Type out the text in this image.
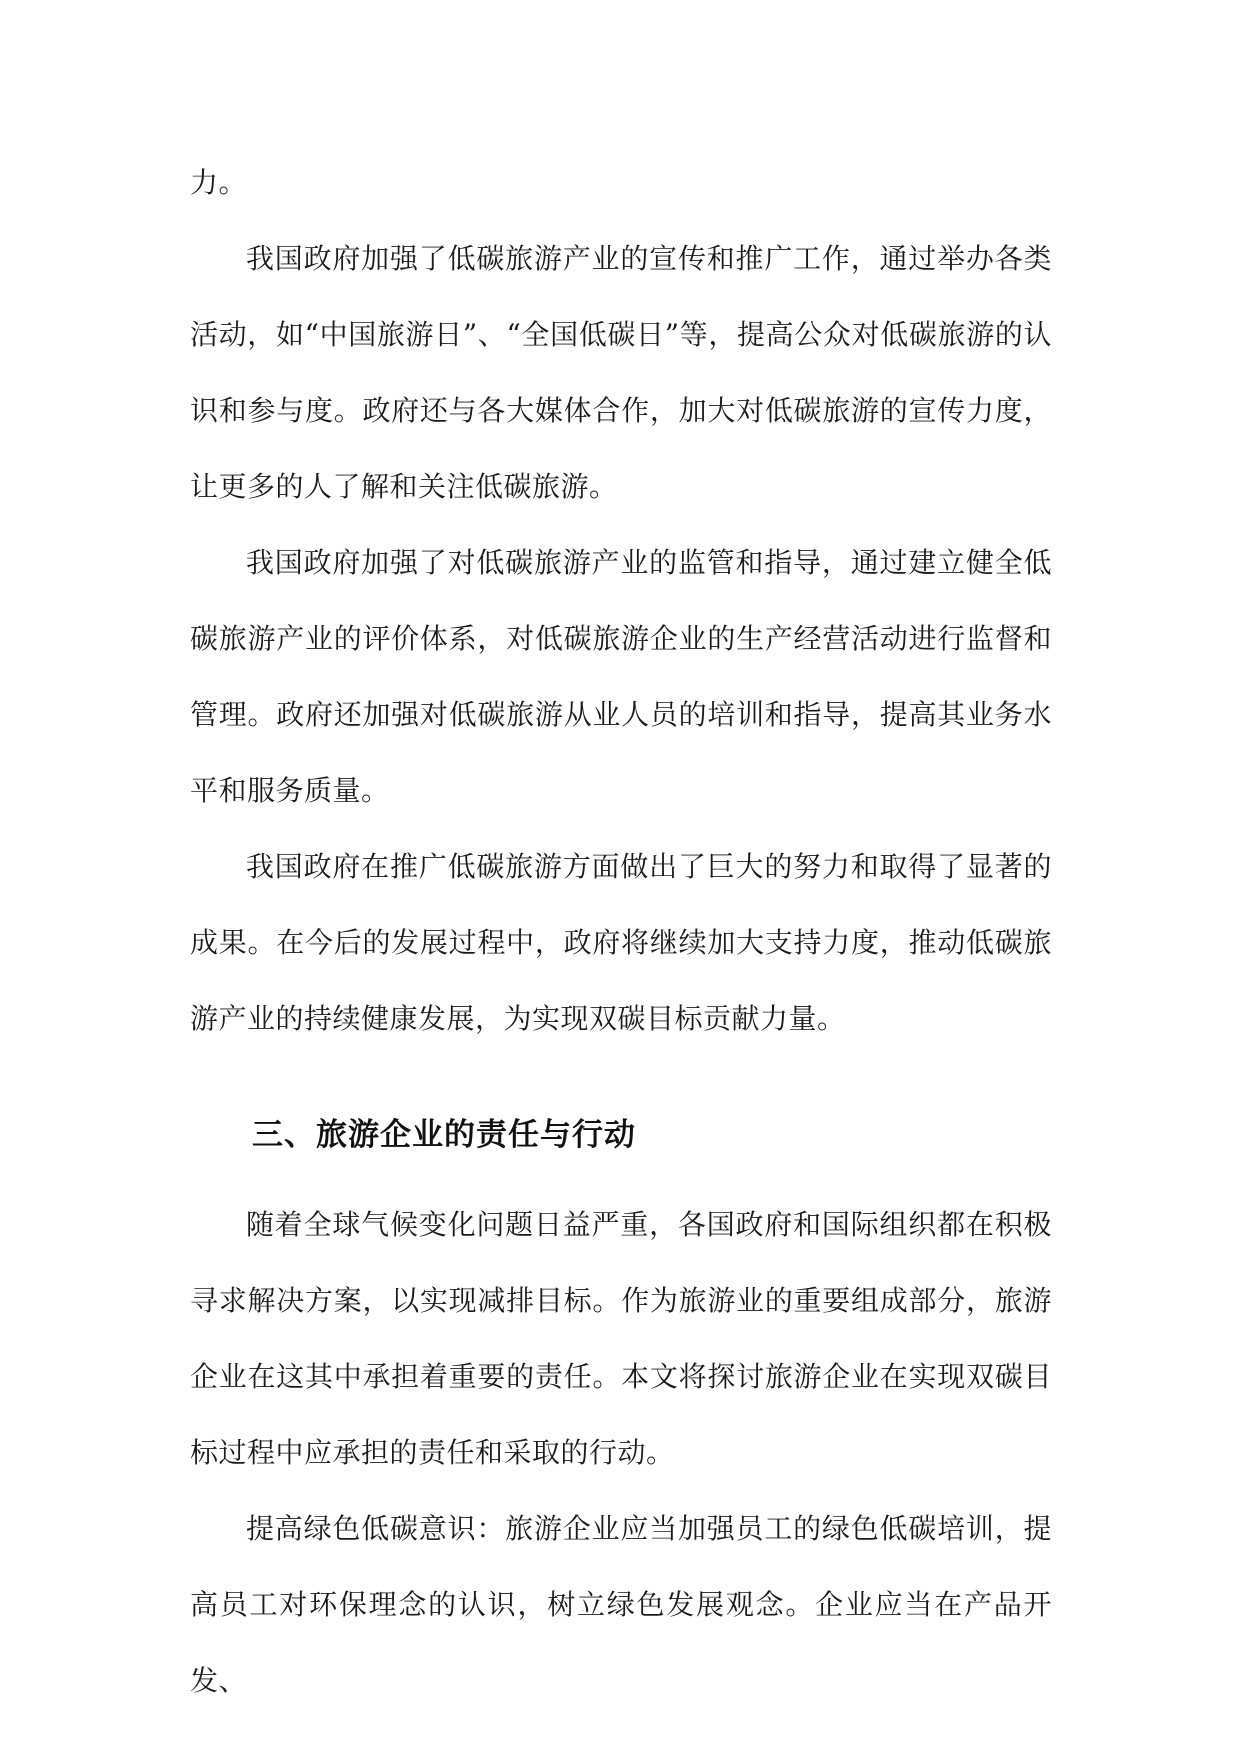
力。

我国政府加强了低碳旅游产业的宣传和推广工作，通过举办各类活动，如“中国旅游日”、“全国低碳日”等，提高公众对低碳旅游的认识和参与度。政府还与各大媒体合作，加大对低碳旅游的宣传力度，让更多的人了解和关注低碳旅游。

我国政府加强了对低碳旅游产业的监管和指导，通过建立健全低碳旅游产业的评价体系，对低碳旅游企业的生产经营活动进行监督和管理。政府还加强对低碳旅游从业人员的培训和指导，提高其业务水平和服务质量。

我国政府在推广低碳旅游方面做出了巨大的努力和取得了显著的成果。在今后的发展过程中，政府将继续加大支持力度，推动低碳旅游产业的持续健康发展，为实现双碳目标贡献力量。

三、旅游企业的责任与行动

随着全球气候变化问题日益严重，各国政府和国际组织都在积极寻求解决方案，以实现减排目标。作为旅游业的重要组成部分，旅游企业在这其中承担着重要的责任。本文将探讨旅游企业在实现双碳目标过程中应承担的责任和采取的行动。

提高绿色低碳意识：旅游企业应当加强员工的绿色低碳培训，提高员工对环保理念的认识，树立绿色发展观念。企业应当在产品开发、
